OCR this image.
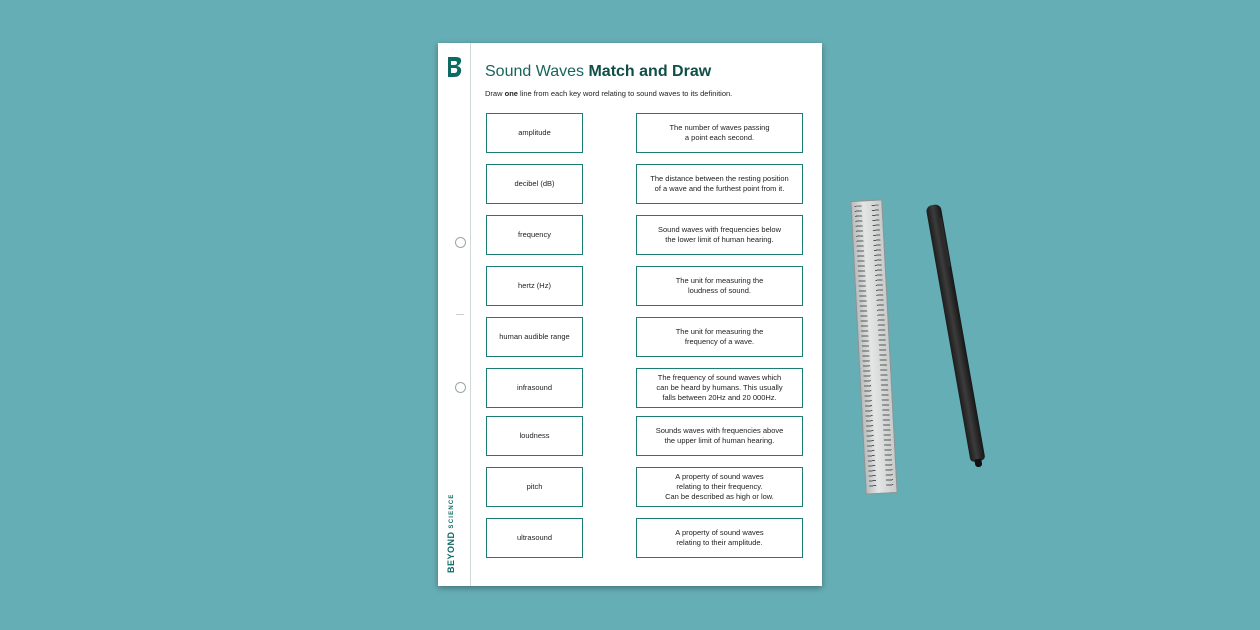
BEYONDSCIENCE
Sound Waves Match and Draw
Draw one line from each key word relating to sound waves to its definition.
amplitude
decibel (dB)
frequency
hertz (Hz)
human audible range
infrasound
loudness
pitch
ultrasound
The number of waves passing
a point each second.
The distance between the resting position
of a wave and the furthest point from it.
Sound waves with frequencies below
the lower limit of human hearing.
The unit for measuring the
loudness of sound.
The unit for measuring the
frequency of a wave.
The frequency of sound waves which
can be heard by humans. This usually
falls between 20Hz and 20 000Hz.
Sounds waves with frequencies above
the upper limit of human hearing.
A property of sound waves
relating to their frequency.
Can be described as high or low.
A property of sound waves
relating to their amplitude.
